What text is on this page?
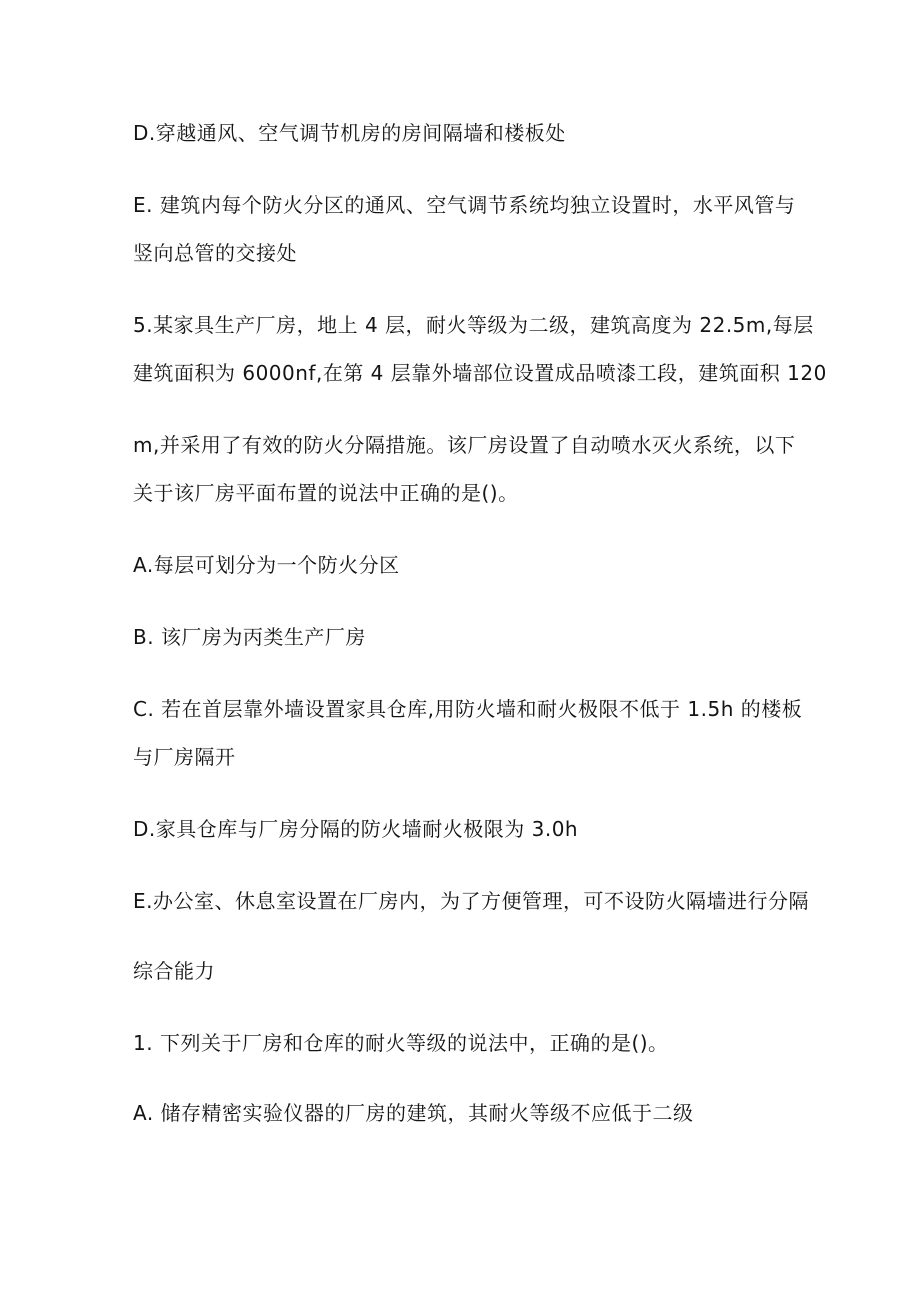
D.穿越通风、空气调节机房的房间隔墙和楼板处
E. 建筑内每个防火分区的通风、空气调节系统均独立设置时，水平风管与
竖向总管的交接处
5.某家具生产厂房，地上 4 层，耐火等级为二级，建筑高度为 22.5m,每层
建筑面积为 6000nf,在第 4 层靠外墙部位设置成品喷漆工段，建筑面积 120
m,并采用了有效的防火分隔措施。该厂房设置了自动喷水灭火系统，以下
关于该厂房平面布置的说法中正确的是()。
A.每层可划分为一个防火分区
B. 该厂房为丙类生产厂房
C. 若在首层靠外墙设置家具仓库,用防火墙和耐火极限不低于 1.5h 的楼板
与厂房隔开
D.家具仓库与厂房分隔的防火墙耐火极限为 3.0h
E.办公室、休息室设置在厂房内，为了方便管理，可不设防火隔墙进行分隔
综合能力
1. 下列关于厂房和仓库的耐火等级的说法中，正确的是()。
A. 储存精密实验仪器的厂房的建筑，其耐火等级不应低于二级
